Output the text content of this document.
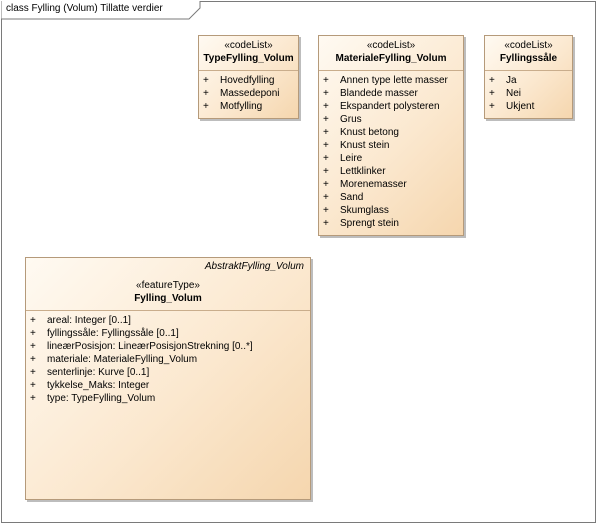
class Fylling (Volum) Tillatte verdier
«codeList»
TypeFylling_Volum
+ Hovedfylling
+ Massedeponi
+ Motfylling
«codeList»
MaterialeFylling_Volum
+ Annen type lette masser
+ Blandede masser
+ Ekspandert polysteren
+ Grus
+ Knust betong
+ Knust stein
+ Leire
+ Lettklinker
+ Morenemasser
+ Sand
+ Skumglass
+ Sprengt stein
«codeList»
Fyllingssåle
+ Ja
+ Nei
+ Ukjent
AbstraktFylling_Volum
«featureType»
Fylling_Volum
+ areal: Integer [0..1]
+ fyllingssåle: Fyllingssåle [0..1]
+ lineærPosisjon: LineærPosisjonStrekning [0..*]
+ materiale: MaterialeFylling_Volum
+ senterlinje: Kurve [0..1]
+ tykkelse_Maks: Integer
+ type: TypeFylling_Volum
